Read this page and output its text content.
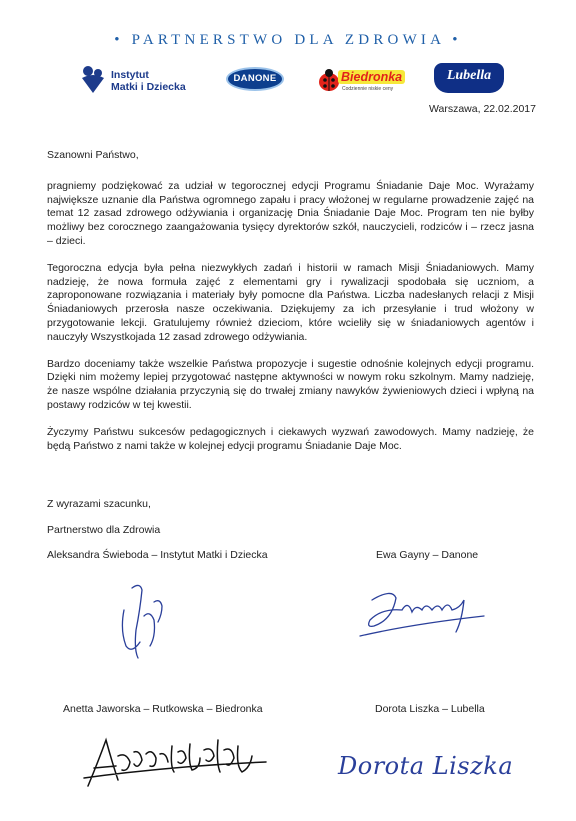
• PARTNERSTWO DLA ZDROWIA •
Instytut
Matki i Dziecka
DANONE	Biedronka
Codziennie niskie ceny
Lubella
Warszawa, 22.02.2017

Szanowni Państwo,

pragniemy podziękować za udział w tegorocznej edycji Programu Śniadanie Daje Moc. Wyrażamy największe uznanie dla Państwa ogromnego zapału i pracy włożonej w regularne prowadzenie zajęć na temat 12 zasad zdrowego odżywiania i organizację Dnia Śniadanie Daje Moc. Program ten nie byłby możliwy bez corocznego zaangażowania tysięcy dyrektorów szkół, nauczycieli, rodziców i – rzecz jasna – dzieci.

Tegoroczna edycja była pełna niezwykłych zadań i historii w ramach Misji Śniadaniowych. Mamy nadzieję, że nowa formuła zajęć z elementami gry i rywalizacji spodobała się uczniom, a zaproponowane rozwiązania i materiały były pomocne dla Państwa. Liczba nadesłanych relacji z Misji Śniadaniowych przerosła nasze oczekiwania. Dziękujemy za ich przesyłanie i trud włożony w przygotowanie lekcji. Gratulujemy również dzieciom, które wcieliły się w śniadaniowych agentów i nauczyły Wszystkojada 12 zasad zdrowego odżywiania.

Bardzo doceniamy także wszelkie Państwa propozycje i sugestie odnośnie kolejnych edycji programu. Dzięki nim możemy lepiej przygotować następne aktywności w nowym roku szkolnym. Mamy nadzieję, że nasze wspólne działania przyczynią się do trwałej zmiany nawyków żywieniowych dzieci i wpłyną na postawy rodziców w tej kwestii.

Życzymy Państwu sukcesów pedagogicznych i ciekawych wyzwań zawodowych. Mamy nadzieję, że będą Państwo z nami także w kolejnej edycji programu Śniadanie Daje Moc.

Z wyrazami szacunku,
Partnerstwo dla Zdrowia
Aleksandra Świeboda – Instytut Matki i Dziecka	Ewa Gayny – Danone
Anetta Jaworska – Rutkowska – Biedronka	Dorota Liszka – Lubella
Dorota Liszka
